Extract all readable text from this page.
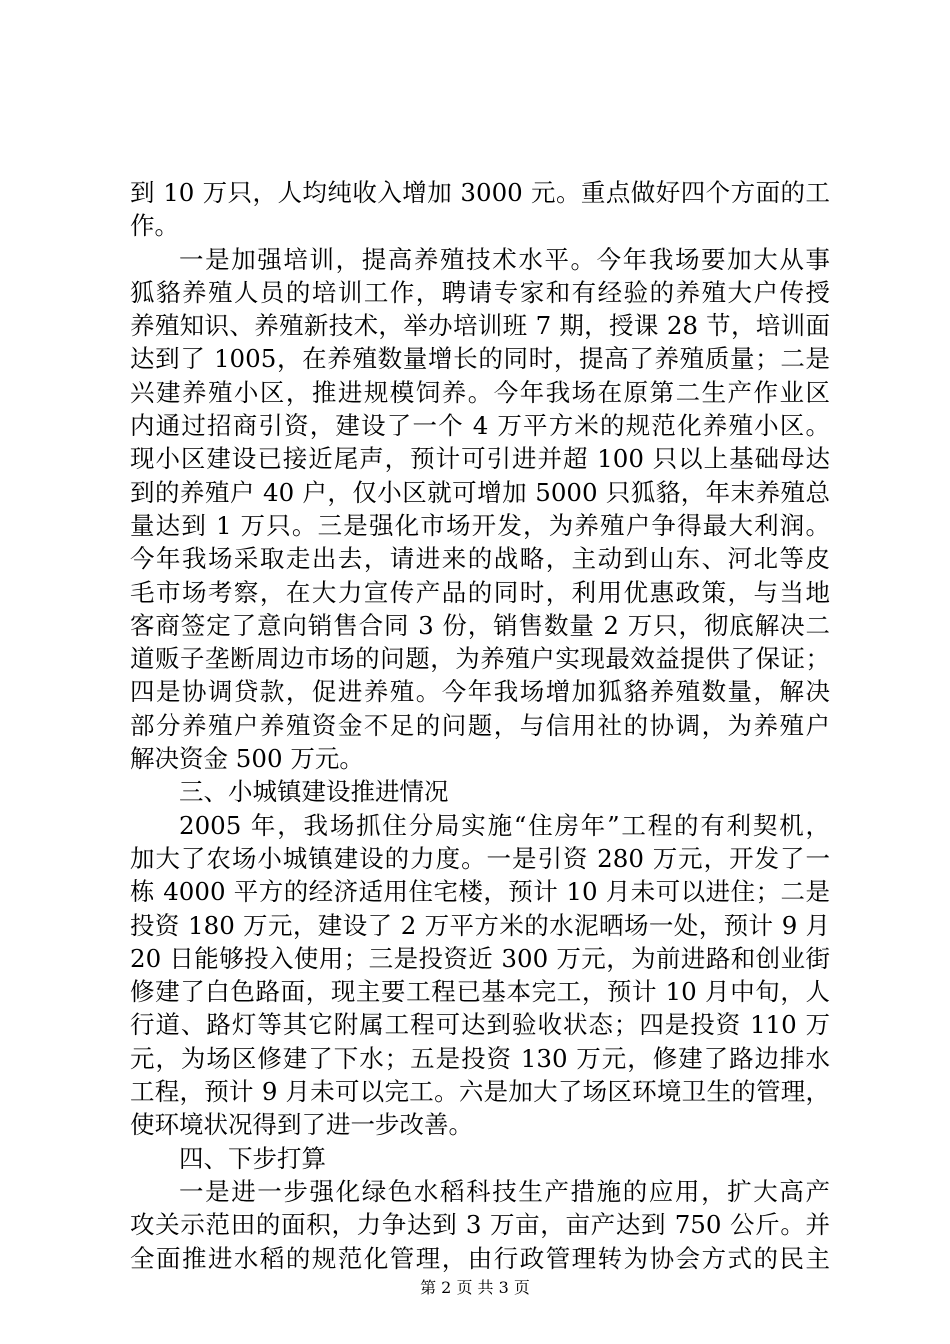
到 10 万只，人均纯收入增加 3000 元。重点做好四个方面的工
作。
一是加强培训，提高养殖技术水平。今年我场要加大从事
狐貉养殖人员的培训工作，聘请专家和有经验的养殖大户传授
养殖知识、养殖新技术，举办培训班 7 期，授课 28 节，培训面
达到了 1005，在养殖数量增长的同时，提高了养殖质量；二是
兴建养殖小区，推进规模饲养。今年我场在原第二生产作业区
内通过招商引资，建设了一个 4 万平方米的规范化养殖小区。
现小区建设已接近尾声，预计可引进并超 100 只以上基础母达
到的养殖户 40 户，仅小区就可增加 5000 只狐貉，年末养殖总
量达到 1 万只。三是强化市场开发，为养殖户争得最大利润。
今年我场采取走出去，请进来的战略，主动到山东、河北等皮
毛市场考察，在大力宣传产品的同时，利用优惠政策，与当地
客商签定了意向销售合同 3 份，销售数量 2 万只，彻底解决二
道贩子垄断周边市场的问题，为养殖户实现最效益提供了保证；
四是协调贷款，促进养殖。今年我场增加狐貉养殖数量，解决
部分养殖户养殖资金不足的问题，与信用社的协调，为养殖户
解决资金 500 万元。
三、小城镇建设推进情况
2005 年，我场抓住分局实施“住房年”工程的有利契机，
加大了农场小城镇建设的力度。一是引资 280 万元，开发了一
栋 4000 平方的经济适用住宅楼，预计 10 月未可以进住；二是
投资 180 万元，建设了 2 万平方米的水泥晒场一处，预计 9 月
20 日能够投入使用；三是投资近 300 万元，为前进路和创业街
修建了白色路面，现主要工程已基本完工，预计 10 月中旬，人
行道、路灯等其它附属工程可达到验收状态；四是投资 110 万
元，为场区修建了下水；五是投资 130 万元，修建了路边排水
工程，预计 9 月未可以完工。六是加大了场区环境卫生的管理，
使环境状况得到了进一步改善。
四、下步打算
一是进一步强化绿色水稻科技生产措施的应用，扩大高产
攻关示范田的面积，力争达到 3 万亩，亩产达到 750 公斤。并
全面推进水稻的规范化管理，由行政管理转为协会方式的民主
第 2 页 共 3 页
